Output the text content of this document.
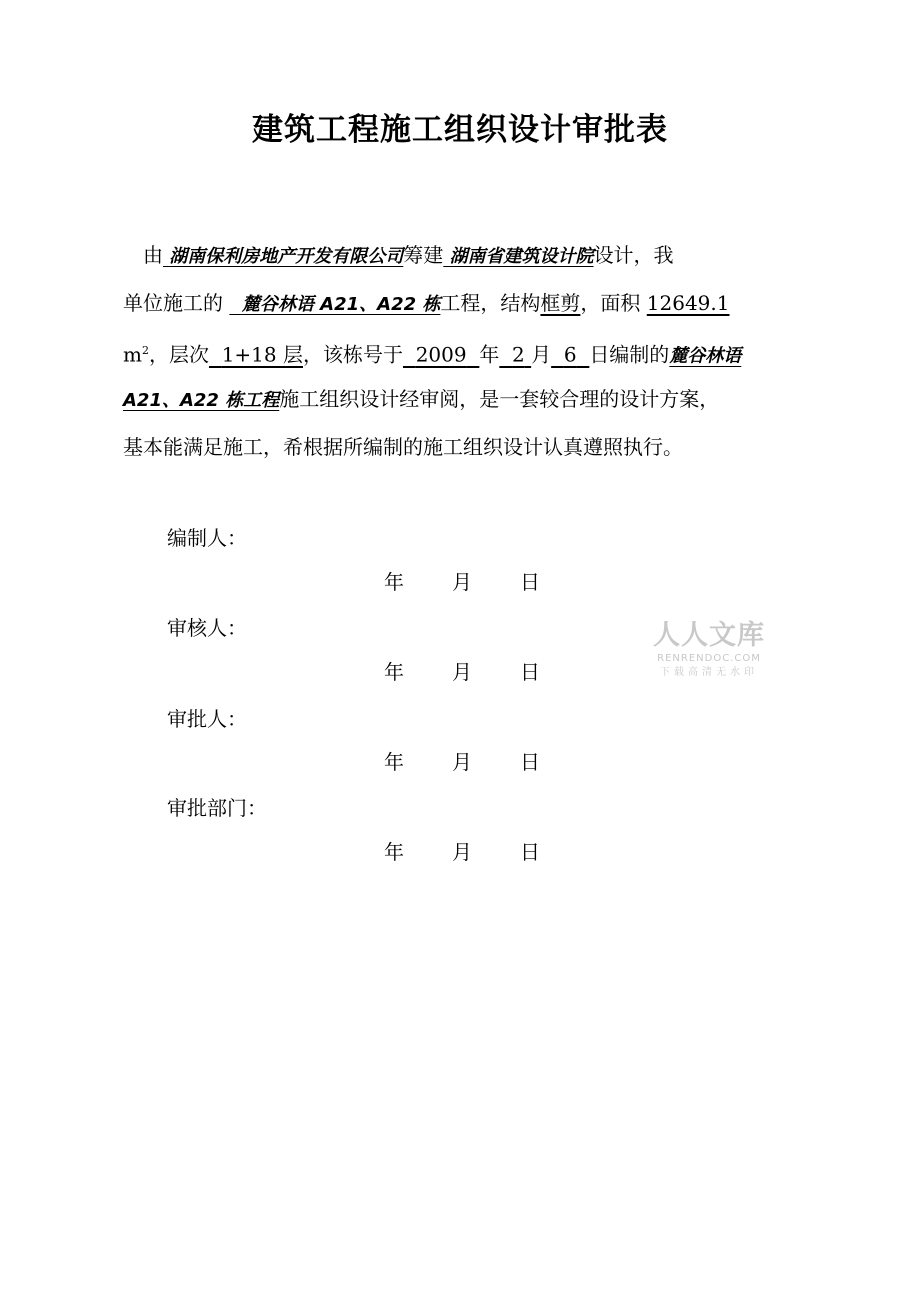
建筑工程施工组织设计审批表
 由 湖南保利房地产开发有限公司筹建 湖南省建筑设计院设计，我
单位施工的 麓谷林语 A21、A22 栋工程，结构框剪，面积 12649.1
$m^2$，层次 1+18 层，该栋号于 2009 年 2 月 6 日编制的麓谷林语
A21、A22 栋工程施工组织设计经审阅，是一套较合理的设计方案，
基本能满足施工，希根据所编制的施工组织设计认真遵照执行。
编制人：
年 月 日
审核人：
年 月 日
审批人：
年 月 日
审批部门：
年 月 日
人人文库
RENRENDOC.COM
下载高清无水印
